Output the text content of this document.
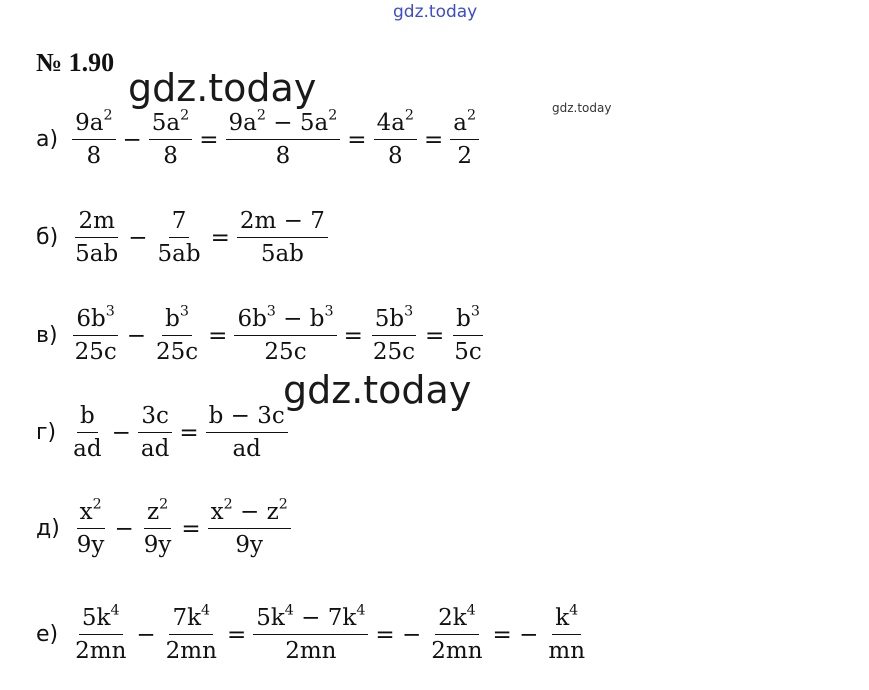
gdz.today
gdz.today	gdz.today
gdz.today
№ 1.90
$а) \frac{9a^2}{8} - \frac{5a^2}{8} = \frac{9a^2 - 5a^2}{8} = \frac{4a^2}{8} = \frac{a^2}{2}$
$б) \frac{2m}{5ab} - \frac{7}{5ab} = \frac{2m - 7}{5ab}$
$в) \frac{6b^3}{25c} - \frac{b^3}{25c} = \frac{6b^3 - b^3}{25c} = \frac{5b^3}{25c} = \frac{b^3}{5c}$
$г) \frac{b}{ad} - \frac{3c}{ad} = \frac{b - 3c}{ad}$
$д) \frac{x^2}{9y} - \frac{z^2}{9y} = \frac{x^2 - z^2}{9y}$
$е) \frac{5k^4}{2mn} - \frac{7k^4}{2mn} = \frac{5k^4 - 7k^4}{2mn}$ = − $\frac{2k^4}{2mn}$ = − $\frac{k^4}{mn}$
